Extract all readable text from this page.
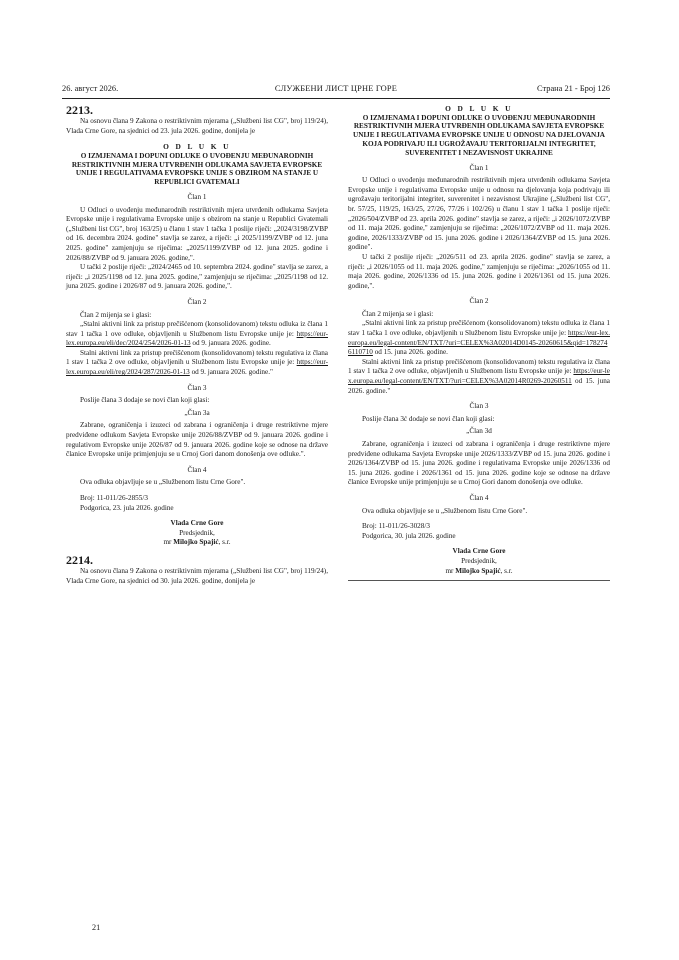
26. август 2026.	СЛУЖБЕНИ ЛИСТ ЦРНЕ ГОРЕ	Страна 21 - Број 126

2213.

Na osnovu člana 9 Zakona o restriktivnim mjerama („Službeni list CG", broj 119/24), Vlada Crne Gore, na sjednici od 23. jula 2026. godine, donijela je

O D L U K U

O IZMJENAMA I DOPUNI ODLUKE O UVOĐENJU MEĐUNARODNIH RESTRIKTIVNIH MJERA UTVRĐENIH ODLUKAMA SAVJETA EVROPSKE UNIJE I REGULATIVAMA EVROPSKE UNIJE S OBZIROM NA STANJE U REPUBLICI GVATEMALI

Član 1

U Odluci o uvođenju međunarodnih restriktivnih mjera utvrđenih odlukama Savjeta Evropske unije i regulativama Evropske unije s obzirom na stanje u Republici Gvatemali („Službeni list CG", broj 163/25) u članu 1 stav 1 tačka 1 poslije riječi: „2024/3198/ZVBP od 16. decembra 2024. godine" stavlja se zarez, a riječi: „i 2025/1199/ZVBP od 12. juna 2025. godine" zamjenjuju se riječima: „2025/1199/ZVBP od 12. juna 2025. godine i 2026/88/ZVBP od 9. januara 2026. godine,".

U tački 2 poslije riječi: „2024/2465 od 10. septembra 2024. godine" stavlja se zarez, a riječi: „i 2025/1198 od 12. juna 2025. godine," zamjenjuju se riječima: „2025/1198 od 12. juna 2025. godine i 2026/87 od 9. januara 2026. godine,".

Član 2

Član 2 mijenja se i glasi:

„Stalni aktivni link za pristup prečišćenom (konsolidovanom) tekstu odluka iz člana 1 stav 1 tačka 1 ove odluke, objavljenih u Službenom listu Evropske unije je: https://eur-lex.europa.eu/eli/dec/2024/254/2026-01-13 od 9. januara 2026. godine.

Stalni aktivni link za pristup prečišćenom (konsolidovanom) tekstu regulativa iz člana 1 stav 1 tačka 2 ove odluke, objavljenih u Službenom listu Evropske unije je: https://eur-lex.europa.eu/eli/reg/2024/287/2026-01-13 od 9. januara 2026. godine."

Član 3

Poslije člana 3 dodaje se novi član koji glasi:

„Član 3a

Zabrane, ograničenja i izuzeci od zabrana i ograničenja i druge restriktivne mjere predviđene odlukom Savjeta Evropske unije 2026/88/ZVBP od 9. januara 2026. godine i regulativom Evropske unije 2026/87 od 9. januara 2026. godine koje se odnose na države članice Evropske unije primjenjuju se u Crnoj Gori danom donošenja ove odluke.".

Član 4

Ova odluka objavljuje se u „Službenom listu Crne Gore".

Broj: 11-011/26-2855/3

Podgorica, 23. jula 2026. godine

Vlada Crne Gore

Predsjednik,

mr Milojko Spajić, s.r.

2214.

Na osnovu člana 9 Zakona o restriktivnim mjerama („Službeni list CG", broj 119/24), Vlada Crne Gore, na sjednici od 30. jula 2026. godine, donijela je

O D L U K U

O IZMJENAMA I DOPUNI ODLUKE O UVOĐENJU MEĐUNARODNIH RESTRIKTIVNIH MJERA UTVRĐENIH ODLUKAMA SAVJETA EVROPSKE UNIJE I REGULATIVAMA EVROPSKE UNIJE U ODNOSU NA DJELOVANJA KOJA PODRIVAJU ILI UGROŽAVAJU TERITORIJALNI INTEGRITET, SUVERENITET I NEZAVISNOST UKRAJINE

Član 1

U Odluci o uvođenju međunarodnih restriktivnih mjera utvrđenih odlukama Savjeta Evropske unije i regulativama Evropske unije u odnosu na djelovanja koja podrivaju ili ugrožavaju teritorijalni integritet, suverenitet i nezavisnost Ukrajine („Službeni list CG", br. 57/25, 119/25, 163/25, 27/26, 77/26 i 102/26) u članu 1 stav 1 tačka 1 poslije riječi: „2026/504/ZVBP od 23. aprila 2026. godine" stavlja se zarez, a riječi: „i 2026/1072/ZVBP od 11. maja 2026. godine," zamjenjuju se riječima: „2026/1072/ZVBP od 11. maja 2026. godine, 2026/1333/ZVBP od 15. juna 2026. godine i 2026/1364/ZVBP od 15. juna 2026. godine".

U tački 2 poslije riječi: „2026/511 od 23. aprila 2026. godine" stavlja se zarez, a riječi: „i 2026/1055 od 11. maja 2026. godine," zamjenjuju se riječima: „2026/1055 od 11. maja 2026. godine, 2026/1336 od 15. juna 2026. godine i 2026/1361 od 15. juna 2026. godine,".

Član 2

Član 2 mijenja se i glasi:

„Stalni aktivni link za pristup prečišćenom (konsolidovanom) tekstu odluka iz člana 1 stav 1 tačka 1 ove odluke, objavljenih u Službenom listu Evropske unije je: https://eur-lex.europa.eu/legal-content/EN/TXT/?uri=CELEX%3A02014D0145-20260615&qid=1782746110710 od 15. juna 2026. godine.

Stalni aktivni link za pristup prečišćenom (konsolidovanom) tekstu regulativa iz člana 1 stav 1 tačka 2 ove odluke, objavljenih u Službenom listu Evropske unije je: https://eur-lex.europa.eu/legal-content/EN/TXT/?uri=CELEX%3A02014R0269-20260511 od 15. juna 2026. godine."

Član 3

Poslije člana 3ć dodaje se novi član koji glasi:

„Član 3d

Zabrane, ograničenja i izuzeci od zabrana i ograničenja i druge restriktivne mjere predviđene odlukama Savjeta Evropske unije 2026/1333/ZVBP od 15. juna 2026. godine i 2026/1364/ZVBP od 15. juna 2026. godine i regulativama Evropske unije 2026/1336 od 15. juna 2026. godine i 2026/1361 od 15. juna 2026. godine koje se odnose na države članice Evropske unije primjenjuju se u Crnoj Gori danom donošenja ove odluke.

Član 4

Ova odluka objavljuje se u „Službenom listu Crne Gore".

Broj: 11-011/26-3028/3

Podgorica, 30. jula 2026. godine

Vlada Crne Gore

Predsjednik,

mr Milojko Spajić, s.r.

21
